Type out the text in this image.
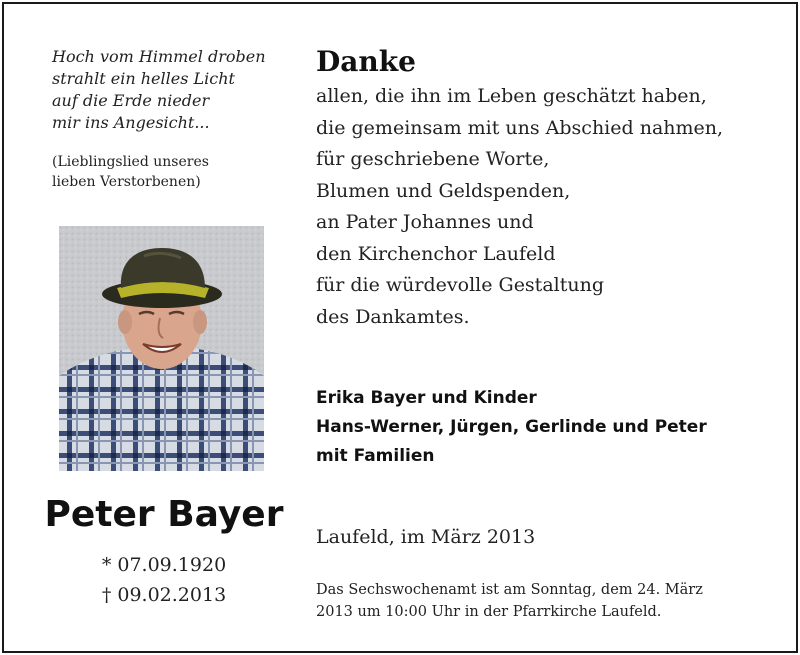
Hoch vom Himmel droben
strahlt ein helles Licht
auf die Erde nieder
mir ins Angesicht...
(Lieblingslied unseres
lieben Verstorbenen)
Peter Bayer
* 07.09.1920
† 09.02.2013
Danke
allen, die ihn im Leben geschätzt haben,
die gemeinsam mit uns Abschied nahmen,
für geschriebene Worte,
Blumen und Geldspenden,
an Pater Johannes und
den Kirchenchor Laufeld
für die würdevolle Gestaltung
des Dankamtes.
Erika Bayer und Kinder
Hans-Werner, Jürgen, Gerlinde und Peter
mit Familien
Laufeld, im März 2013
Das Sechswochenamt ist am Sonntag, dem 24. März
2013 um 10:00 Uhr in der Pfarrkirche Laufeld.
